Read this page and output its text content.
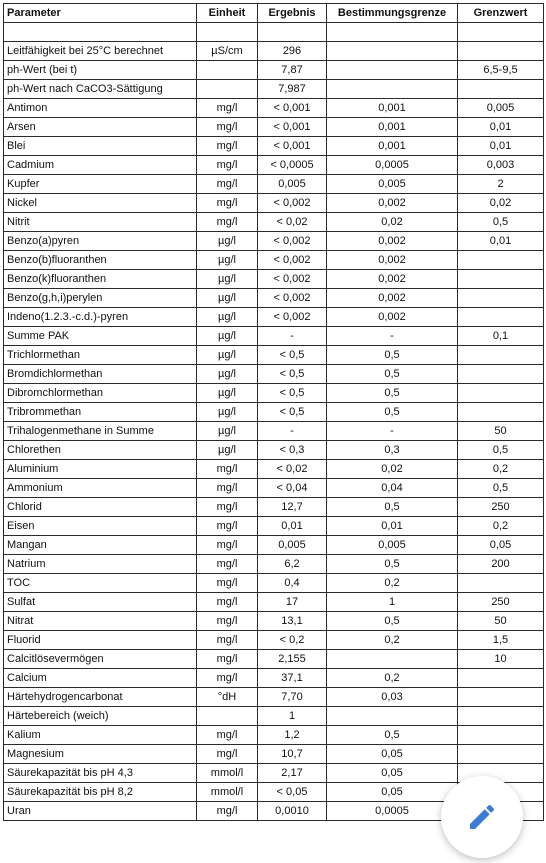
Parameter	Einheit	Ergebnis	Bestimmungsgrenze	Grenzwert

Leitfähigkeit bei 25°C berechnet	µS/cm	296		
ph-Wert (bei t)		7,87		6,5-9,5
ph-Wert nach CaCO3-Sättigung		7,987		
Antimon	mg/l	< 0,001	0,001	0,005
Arsen	mg/l	< 0,001	0,001	0,01
Blei	mg/l	< 0,001	0,001	0,01
Cadmium	mg/l	< 0,0005	0,0005	0,003
Kupfer	mg/l	0,005	0,005	2
Nickel	mg/l	< 0,002	0,002	0,02
Nitrit	mg/l	< 0,02	0,02	0,5
Benzo(a)pyren	µg/l	< 0,002	0,002	0,01
Benzo(b)fluoranthen	µg/l	< 0,002	0,002	
Benzo(k)fluoranthen	µg/l	< 0,002	0,002	
Benzo(g,h,i)perylen	µg/l	< 0,002	0,002	
Indeno(1.2.3.-c.d.)-pyren	µg/l	< 0,002	0,002	
Summe PAK	µg/l	-	-	0,1
Trichlormethan	µg/l	< 0,5	0,5	
Bromdichlormethan	µg/l	< 0,5	0,5	
Dibromchlormethan	µg/l	< 0,5	0,5	
Tribrommethan	µg/l	< 0,5	0,5	
Trihalogenmethane in Summe	µg/l	-	-	50
Chlorethen	µg/l	< 0,3	0,3	0,5
Aluminium	mg/l	< 0,02	0,02	0,2
Ammonium	mg/l	< 0,04	0,04	0,5
Chlorid	mg/l	12,7	0,5	250
Eisen	mg/l	0,01	0,01	0,2
Mangan	mg/l	0,005	0,005	0,05
Natrium	mg/l	6,2	0,5	200
TOC	mg/l	0,4	0,2	
Sulfat	mg/l	17	1	250
Nitrat	mg/l	13,1	0,5	50
Fluorid	mg/l	< 0,2	0,2	1,5
Calcitlösevermögen	mg/l	2,155		10
Calcium	mg/l	37,1	0,2	
Härtehydrogencarbonat	°dH	7,70	0,03	
Härtebereich (weich)		1		
Kalium	mg/l	1,2	0,5	
Magnesium	mg/l	10,7	0,05	
Säurekapazität bis pH 4,3	mmol/l	2,17	0,05	
Säurekapazität bis pH 8,2	mmol/l	< 0,05	0,05	
Uran	mg/l	0,0010	0,0005	
